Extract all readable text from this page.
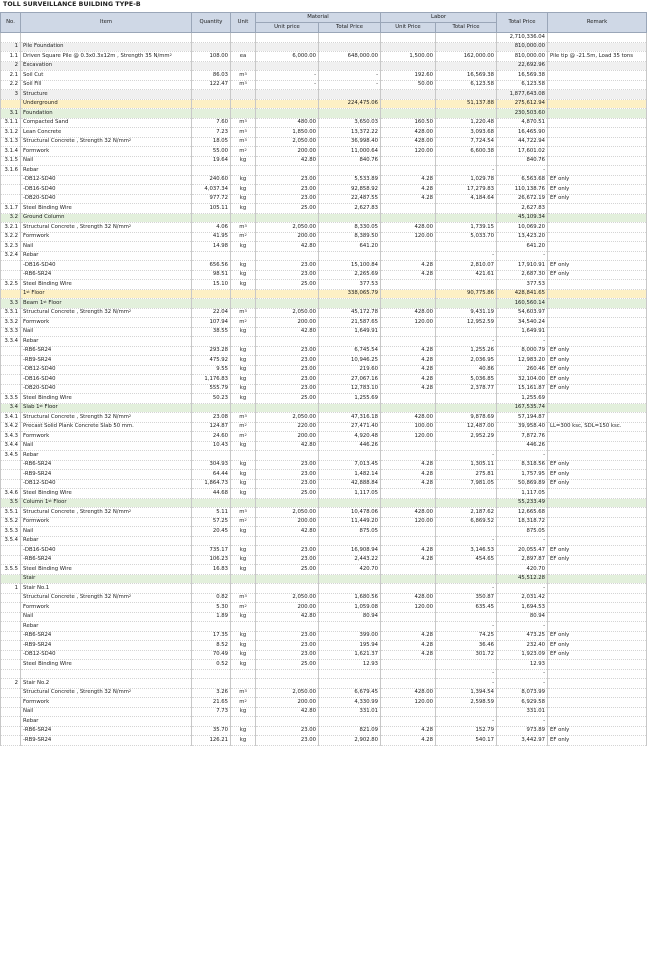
TOLL SURVEILLANCE BUILDING TYPE-B
No.	Item	Quantity	Unit	Material		Labor		Total Price	Remark
				Unit price	Total Price	Unit Price	Total Price		
								2,710,336.04	
1	Pile Foundation							810,000.00	
1.1	Driven Square Pile @ 0.3x0.3x12m , Strength 35 $N/mm^2$	108.00	ea	6,000.00	648,000.00	1,500.00	162,000.00	810,000.00	Pile tip @ -21.5m, Load 35 tons
2	Excavation							22,692.96	
2.1	Soil Cut	86.03	$m^3$	-	-	192.60	16,569.38	16,569.38	
2.2	Soil Fill	122.47	$m^3$	-	-	50.00	6,123.58	6,123.58	
3	Structure							1,877,643.08	
	Underground				224,475.06		51,137.88	275,612.94	
3.1	Foundation							230,503.60	
3.1.1	Compacted Sand	7.60	$m^3$	480.00	3,650.03	160.50	1,220.48	4,870.51	
3.1.2	Lean Concrete	7.23	$m^3$	1,850.00	13,372.22	428.00	3,093.68	16,465.90	
3.1.3	Structural Concrete , Strength 32 $N/mm^2$	18.05	$m^3$	2,050.00	36,998.40	428.00	7,724.54	44,722.94	
3.1.4	Formwork	55.00	$m^2$	200.00	11,000.64	120.00	6,600.38	17,601.02	
3.1.5	Nail	19.64	kg	42.80	840.76			840.76	
3.1.6	Rebar						-	-	
	-DB12-SD40	240.60	kg	23.00	5,533.89	4.28	1,029.78	6,563.68	EF only
	-DB16-SD40	4,037.34	kg	23.00	92,858.92	4.28	17,279.83	110,138.76	EF only
	-DB20-SD40	977.72	kg	23.00	22,487.55	4.28	4,184.64	26,672.19	EF only
3.1.7	Steel Binding Wire	105.11	kg	25.00	2,627.83			2,627.83	
3.2	Ground Column							45,109.34	
3.2.1	Structural Concrete , Strength 32 $N/mm^2$	4.06	$m^3$	2,050.00	8,330.05	428.00	1,739.15	10,069.20	
3.2.2	Formwork	41.95	$m^2$	200.00	8,389.50	120.00	5,033.70	13,423.20	
3.2.3	Nail	14.98	kg	42.80	641.20			641.20	
3.2.4	Rebar						-	-	
	-DB16-SD40	656.56	kg	23.00	15,100.84	4.28	2,810.07	17,910.91	EF only
	-RB6-SR24	98.51	kg	23.00	2,265.69	4.28	421.61	2,687.30	EF only
3.2.5	Steel Binding Wire	15.10	kg	25.00	377.53			377.53	
	1st Floor				338,065.79		90,775.86	428,841.65	
3.3	Beam 1st Floor							160,560.14	
3.3.1	Structural Concrete , Strength 32 $N/mm^2$	22.04	$m^3$	2,050.00	45,172.78	428.00	9,431.19	54,603.97	
3.3.2	Formwork	107.94	$m^2$	200.00	21,587.65	120.00	12,952.59	34,540.24	
3.3.3	Nail	38.55	kg	42.80	1,649.91			1,649.91	
3.3.4	Rebar						-	-	
	-RB6-SR24	293.28	kg	23.00	6,745.54	4.28	1,255.26	8,000.79	EF only
	-RB9-SR24	475.92	kg	23.00	10,946.25	4.28	2,036.95	12,983.20	EF only
	-DB12-SD40	9.55	kg	23.00	219.60	4.28	40.86	260.46	EF only
	-DB16-SD40	1,176.83	kg	23.00	27,067.16	4.28	5,036.85	32,104.00	EF only
	-DB20-SD40	555.79	kg	23.00	12,783.10	4.28	2,378.77	15,161.87	EF only
3.3.5	Steel Binding Wire	50.23	kg	25.00	1,255.69			1,255.69	
3.4	Slab 1st Floor							167,535.74	
3.4.1	Structural Concrete , Strength 32 $N/mm^2$	23.08	$m^3$	2,050.00	47,316.18	428.00	9,878.69	57,194.87	
3.4.2	Precast Solid Plank Concrete Slab 50 mm.	124.87	$m^2$	220.00	27,471.40	100.00	12,487.00	39,958.40	LL=300 ksc, SDL=150 ksc.
3.4.3	Formwork	24.60	$m^2$	200.00	4,920.48	120.00	2,952.29	7,872.76	
3.4.4	Nail	10.43	kg	42.80	446.26			446.26	
3.4.5	Rebar						-	-	
	-RB6-SR24	304.93	kg	23.00	7,013.45	4.28	1,305.11	8,318.56	EF only
	-RB9-SR24	64.44	kg	23.00	1,482.14	4.28	275.81	1,757.95	EF only
	-DB12-SD40	1,864.73	kg	23.00	42,888.84	4.28	7,981.05	50,869.89	EF only
3.4.6	Steel Binding Wire	44.68	kg	25.00	1,117.05			1,117.05	
3.5	Column 1st Floor							55,233.49	
3.5.1	Structural Concrete , Strength 32 $N/mm^2$	5.11	$m^3$	2,050.00	10,478.06	428.00	2,187.62	12,665.68	
3.5.2	Formwork	57.25	$m^2$	200.00	11,449.20	120.00	6,869.52	18,318.72	
3.5.3	Nail	20.45	kg	42.80	875.05			875.05	
3.5.4	Rebar						-	-	
	-DB16-SD40	735.17	kg	23.00	16,908.94	4.28	3,146.53	20,055.47	EF only
	-RB6-SR24	106.23	kg	23.00	2,443.22	4.28	454.65	2,897.87	EF only
3.5.5	Steel Binding Wire	16.83	kg	25.00	420.70			420.70	
	Stair							45,512.28	
1	Stair No.1						-	-	
	Structural Concrete , Strength 32 $N/mm^2$	0.82	$m^3$	2,050.00	1,680.56	428.00	350.87	2,031.42	
	Formwork	5.30	$m^2$	200.00	1,059.08	120.00	635.45	1,694.53	
	Nail	1.89	kg	42.80	80.94			80.94	
	Rebar						-	-	
	-RB6-SR24	17.35	kg	23.00	399.00	4.28	74.25	473.25	EF only
	-RB9-SR24	8.52	kg	23.00	195.94	4.28	36.46	232.40	EF only
	-DB12-SD40	70.49	kg	23.00	1,621.37	4.28	301.72	1,923.09	EF only
	Steel Binding Wire	0.52	kg	25.00	12.93			12.93	
							-	-	
2	Stair No.2						-	-	
	Structural Concrete , Strength 32 $N/mm^2$	3.26	$m^3$	2,050.00	6,679.45	428.00	1,394.54	8,073.99	
	Formwork	21.65	$m^2$	200.00	4,330.99	120.00	2,598.59	6,929.58	
	Nail	7.73	kg	42.80	331.01			331.01	
	Rebar						-	-	
	-RB6-SR24	35.70	kg	23.00	821.09	4.28	152.79	973.89	EF only
	-RB9-SR24	126.21	kg	23.00	2,902.80	4.28	540.17	3,442.97	EF only
